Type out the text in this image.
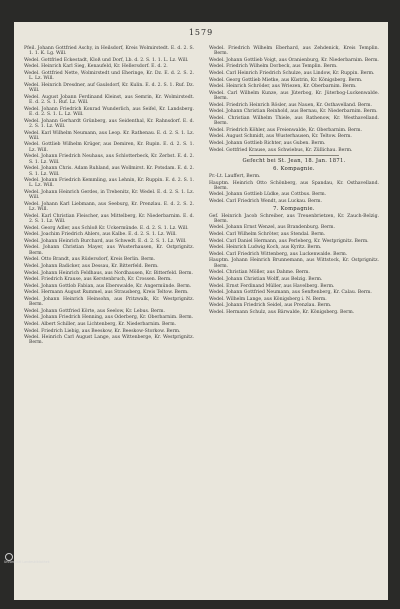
1579
Pfeil. Johann Gottfried Aschy, in Heilsdorf, Kreis Wolmirstedt. E. d. 2. S. 1. 1. K. Lg. Will.
Wedel. Gottfried Eckestadt, Kloß und Dorf, Lb. d. 2. S. 1. 1. L. Lz. Will.
Wedel. Heinrich Karl Sieg, Kenaufeld, Kr. Hellersdorf. E. d. 2.
Wedel. Gottfried Nette, Wolmirstedt und Eheringe, Kr. Dz. E. d. 2. S. 2. L. Lz. Will.
Wedel. Heinrich Dresdner, auf Gaulsdorf, Kr. Kulin. E. d. 2. S. 1. Ruf. Dz. Will.
Wedel. August Jobann Ferdinand Kleinst, aus Semrin, Kr. Wolmirstedt. E. d. 2. S. 1. Ruf. Lz. Will.
Wedel. Johann Friedrich Konrad Wunderlich, aus Seifel, Kr. Landsberg. E. d. 2. S. 1. L. Lz. Will.
Wedel. Johann Gerhardt Grünberg, aus Seidenthal, Kr. Rahnsdorf. E. d. 2. S. 1. Lz. Will.
Wedel. Karl Wilhelm Neumann, aus Leop. Kr. Rathenau. E. d. 2. S. 1. Lz. Will.
Wedel. Gottlieb Wilhelm Krüger, aus Demiren, Kr. Rupin. E. d. 2. S. 1. Lz. Will.
Wedel. Johann Friedrich Neuhaus, aus Schlotterbeck, Kr. Zerbst. E. d. 2. S. 1. Lz. Will.
Wedel. Johann Chris. Adam Ruhland, aus Wollmirst. Kr. Potsdam. E. d. 2. S. 1. Lz. Will.
Wedel. Johann Friedrich Kemmling, aus Lehnin, Kr. Ruppin. E. d. 2. S. 1. L. Lz. Will.
Wedel. Johann Heinrich Gerdes, in Trebenitz, Kr. Wedel. E. d. 2. S. 1. Lz. Will.
Wedel. Johann Karl Liebmann, aus Seeburg, Kr. Prenzlau. E. d. 2. S. 2. Lz. Will.
Wedel. Karl Christian Fleischer, aus Mittelberg, Kr. Niederbarnim. E. d. 2. S. 1. Lz. Will.
Wedel. Georg Adler, aus Schloß Kr. Uckermünde. E. d. 2. S. 1. Lz. Will.
Wedel. Joachim Friedrich Ahlers, aus Kalbe. E. d. 2. S. 1. Lz. Will.
Wedel. Johann Heinrich Burchard, aus Schwedt. E. d. 2. S. 1. Lz. Will.
Wedel. Johann Christian Mayer, aus Wusterhausen, Kr. Ostprignitz. Berm.
Wedel. Otto Brandt, aus Rüdersdorf, Kreis Berlin. Berm.
Wedel. Johann Badicker, aus Dessau, Kr. Bitterfeld. Berm.
Wedel. Johann Heinrich Feldhaus, aus Nordhausen, Kr. Bitterfeld. Berm.
Wedel. Friedrich Krause, aus Kerstenbruch, Kr. Crossen. Berm.
Wedel. Johann Gottlob Fabian, aus Eberswalde, Kr. Angermünde. Berm.
Wedel. Hermann August Rummel, aus Strausberg, Kreis Teltow. Berm.
Wedel. Johann Heinrich Heinsohn, aus Pritzwalk, Kr. Westprignitz. Berm.
Wedel. Johann Gottfried Körte, aus Seelow, Kr. Lebus. Berm.
Wedel. Johann Friedrich Henning, aus Oderberg, Kr. Oberbarnim. Berm.
Wedel. Albert Schiller, aus Lichtenberg, Kr. Niederbarnim. Berm.
Wedel. Friedrich Liebig, aus Beeskow, Kr. Beeskow-Storkow. Berm.
Wedel. Heinrich Carl August Lange, aus Wittenberge, Kr. Westprignitz. Berm.
Wedel. Friedrich Wilhelm Eberhard, aus Zehdenick, Kreis Templin. Berm.
Wedel. Johann Gottlieb Voigt, aus Oranienburg, Kr. Niederbarnim. Berm.
Wedel. Friedrich Wilhelm Dorbeck, aus Templin. Berm.
Wedel. Carl Heinrich Friedrich Schulze, aus Lindow, Kr. Ruppin. Berm.
Wedel. Georg Gottlieb Mietke, aus Küstrin, Kr. Königsberg. Berm.
Wedel. Heinrich Schröder, aus Wriezen, Kr. Oberbarnim. Berm.
Wedel. Carl Wilhelm Kunze, aus Jüterbog, Kr. Jüterbog-Luckenwalde. Berm.
Wedel. Friedrich Heinrich Rösler, aus Nauen, Kr. Osthavelland. Berm.
Wedel. Johann Christian Reinhold, aus Bernau, Kr. Niederbarnim. Berm.
Wedel. Christian Wilhelm Thiele, aus Rathenow, Kr. Westhavelland. Berm.
Wedel. Friedrich Köhler, aus Freienwalde, Kr. Oberbarnim. Berm.
Wedel. August Schmidt, aus Wusterhausen, Kr. Teltow. Berm.
Wedel. Johann Gottlieb Richter, aus Guben. Berm.
Wedel. Gottfried Krause, aus Schwiebus, Kr. Züllichau. Berm.
Gefecht bei St. Jean, 18. Jan. 1871.
6. Kompagnie.
Pr.-Lt. Lauffert, Berm.
Hauptm. Heinrich Otto Schönberg, aus Spandau, Kr. Osthavelland. Berm.
Wedel. Johann Gottlieb Lüdke, aus Cottbus. Berm.
Wedel. Carl Friedrich Wendt, aus Luckau. Berm.
7. Kompagnie.
Gef. Heinrich Jacob Schreiber, aus Treuenbrietzen, Kr. Zauch-Belzig. Berm.
Wedel. Johann Ernst Wenzel, aus Brandenburg. Berm.
Wedel. Carl Wilhelm Schröter, aus Stendal. Berm.
Wedel. Carl Daniel Hermann, aus Perleberg, Kr. Westprignitz. Berm.
Wedel. Heinrich Ludwig Koch, aus Kyritz. Berm.
Wedel. Carl Friedrich Wittenberg, aus Luckenwalde. Berm.
Hauptm. Johann Heinrich Brunnemann, aus Wittstock, Kr. Ostprignitz. Berm.
Wedel. Christian Möller, aus Dahme. Berm.
Wedel. Johann Christian Wolff, aus Belzig. Berm.
Wedel. Ernst Ferdinand Müller, aus Havelberg. Berm.
Wedel. Johann Gottfried Neumann, aus Senftenberg, Kr. Calau. Berm.
Wedel. Wilhelm Lange, aus Königsberg i. N. Berm.
Wedel. Johann Friedrich Seidel, aus Prenzlau. Berm.
Wedel. Hermann Schulz, aus Bärwalde, Kr. Königsberg. Berm.
Universität Landesbibliothek
